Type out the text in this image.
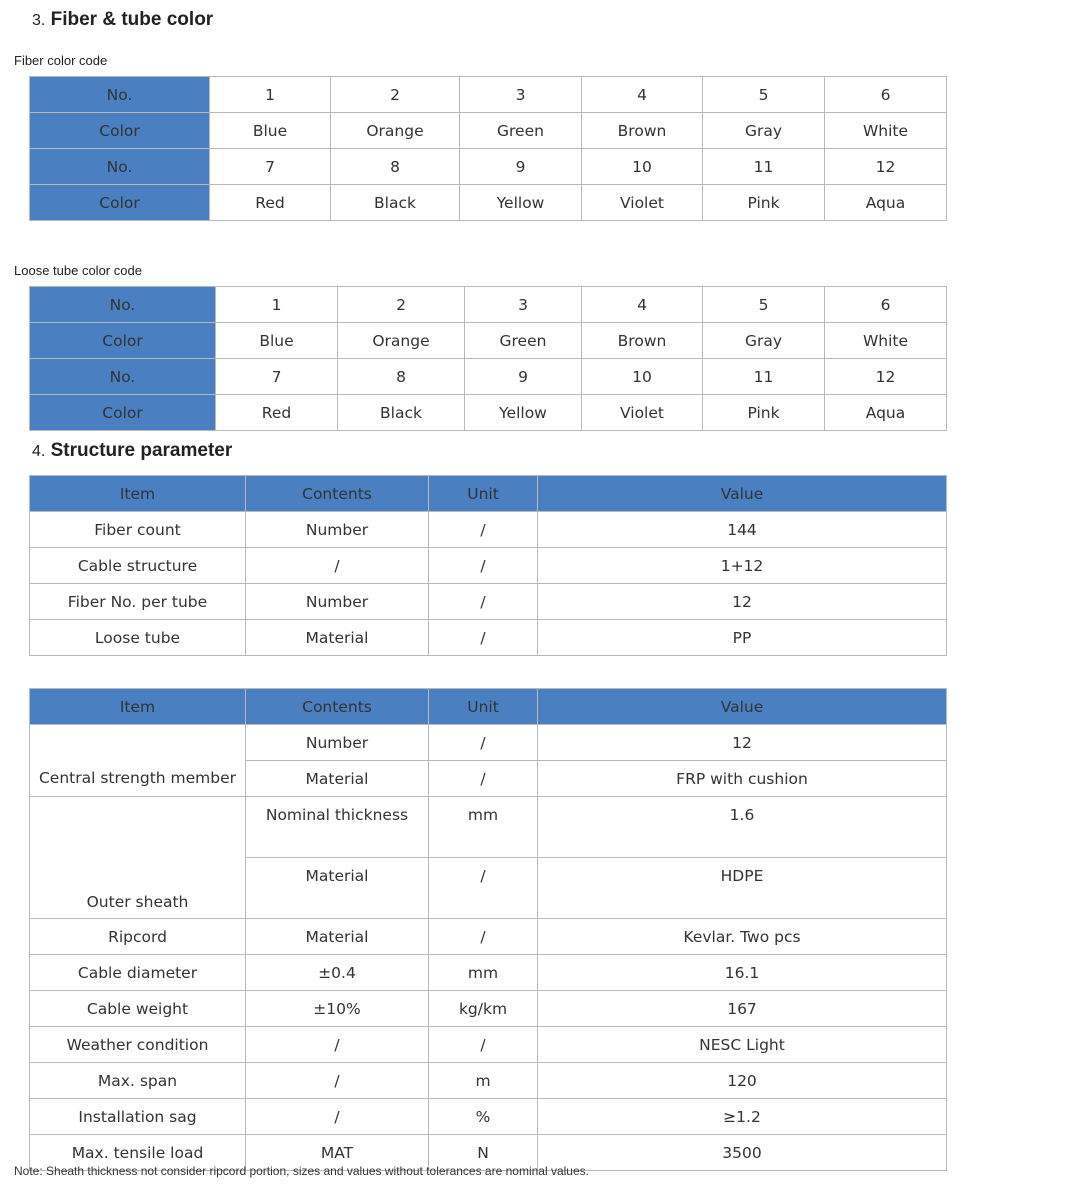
3. Fiber & tube color

Fiber color code

No.	1	2	3	4	5	6
Color	Blue	Orange	Green	Brown	Gray	White
No.	7	8	9	10	11	12
Color	Red	Black	Yellow	Violet	Pink	Aqua

Loose tube color code

No.	1	2	3	4	5	6
Color	Blue	Orange	Green	Brown	Gray	White
No.	7	8	9	10	11	12
Color	Red	Black	Yellow	Violet	Pink	Aqua
4. Structure parameter
Item	Contents	Unit	Value
Fiber count	Number	/	144
Cable structure	/	/	1+12
Fiber No. per tube	Number	/	12
Loose tube	Material	/	PP
Item	Contents	Unit	Value
Central strength member	Number	/	12
	Material	/	FRP with cushion
Outer sheath	Nominal thickness	mm	1.6
	Material	/	HDPE
Ripcord	Material	/	Kevlar. Two pcs
Cable diameter	±0.4	mm	16.1
Cable weight	±10%	kg/km	167
Weather condition	/	/	NESC Light
Max. span	/	m	120
Installation sag	/	%	≥1.2
Max. tensile load	MAT	N	3500

Note: Sheath thickness not consider ripcord portion, sizes and values without tolerances are nominal values.
